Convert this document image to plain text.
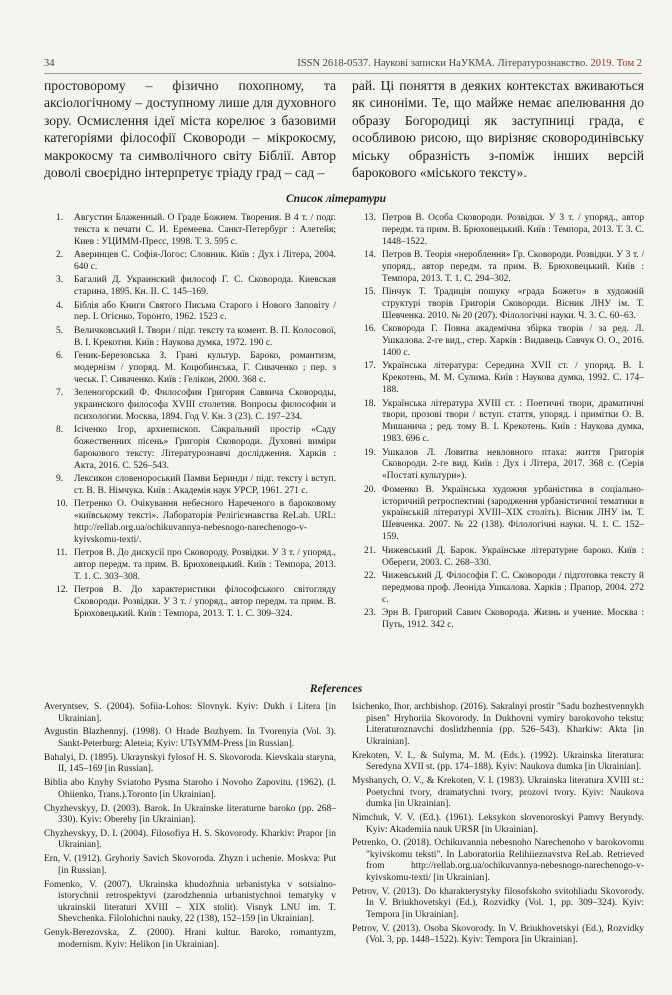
34	ISSN 2618-0537. Наукові записки НаУКМА. Літературознавство. 2019. Том 2
простоворому – фізично похопному, та аксіологічному – доступному лише для духовного зору. Осмислення ідеї міста корелює з базовими категоріями філософії Сковороди – мікрокосму, макрокосму та символічного світу Біблії. Автор доволі своєрідно інтерпретує тріаду град – сад –
рай. Ці поняття в деяких контекстах вживаються як синоніми. Те, що майже немає апелювання до образу Богородиці як заступниці града, є особливою рисою, що вирізняє сковородинівську міську образність з-поміж інших версій барокового «міського тексту».
Список літератури
1. Августин Блаженный. О Граде Божием. Творения. В 4 т. / подг. текста к печати С. И. Еремеева. Санкт-Петербург : Алетейя; Киев : УЦИММ-Пресс, 1998. Т. 3. 595 с.
2. Аверинцев С. Софія-Логос: Словник. Київ : Дух і Літера, 2004. 640 с.
3. Багалий Д. Украинский философ Г. С. Сковорода. Киевская старина, 1895. Кн. II. С. 145–169.
4. Біблія або Книги Святого Письма Старого і Нового Заповіту / пер. І. Огієнко. Торонто, 1962. 1523 с.
5. Величковський І. Твори / підг. тексту та комент. В. П. Колосової, В. І. Крекотня. Київ : Наукова думка, 1972. 190 с.
6. Геник-Березовська З. Грані культур. Бароко, романтизм, модернізм / упоряд. М. Коцюбинська, Г. Сиваченко ; пер. з чеськ. Г. Сиваченко. Київ : Гелікон, 2000. 368 с.
7. Зеленогорский Ф. Философия Григория Саввича Сковороды, украинского философа XVIII столетия. Вопросы философии и психологии. Москва, 1894. Год V. Кн. 3 (23). С. 197–234.
8. Ісіченко Ігор, архиепископ. Сакральний простір «Саду божественних пісень» Григорія Сковороди. Духовні виміри барокового тексту: Літературознавчі дослідження. Харків : Акта, 2016. С. 526–543.
9. Лексикон словенороський Памви Беринди / підг. тексту і вступ. ст. В. В. Німчука. Київ : Академія наук УРСР, 1961. 271 с.
10. Петренко О. Очікування небесного Нареченого в бароковому «київському тексті». Лабораторія Релігієзнавства ReLab. URL: http://rellab.org.ua/ochikuvannya-nebesnogo-narechenogo-v-kyivskomu-texti/.
11. Петров В. До дискусії про Сковороду. Розвідки. У 3 т. / упоряд., автор передм. та прим. В. Брюховецький. Київ : Темпора, 2013. Т. 1. С. 303–308.
12. Петров В. До характеристики філософського світогляду Сковороди. Розвідки. У 3 т. / упоряд., автор передм. та прим. В. Брюховецький. Київ : Темпора, 2013. Т. 1. С. 309–324.
13. Петров В. Особа Сковороди. Розвідки. У 3 т. / упоряд., автор передм. та прим. В. Брюховецький. Київ : Темпора, 2013. Т. 3. С. 1448–1522.
14. Петров В. Теорія «нероблення» Гр. Сковороди. Розвідки. У 3 т. / упоряд., автор передм. та прим. В. Брюховецький. Київ : Темпора, 2013. Т. 1. С. 294–302.
15. Пінчук Т. Традиція пошуку «града Божего» в художній структурі творів Григорія Сковороди. Вісник ЛНУ ім. Т. Шевченка. 2010. № 20 (207). Філологічні науки. Ч. 3. С. 60–63.
16. Сковорода Г. Повна академічна збірка творів / за ред. Л. Ушкалова. 2-ге вид., стер. Харків : Видавець Савчук О. О., 2016. 1400 с.
17. Українська література: Середина XVII ст. / упоряд. В. І. Крекотень, М. М. Сулима. Київ : Наукова думка, 1992. С. 174–188.
18. Українська література XVIII ст. : Поетичні твори, драматичні твори, прозові твори / вступ. стаття, упоряд. і примітки О. В. Мишанича ; ред. тому В. І. Крекотень. Київ : Наукова думка, 1983. 696 с.
19. Ушкалов Л. Ловитва невловного птаха: життя Григорія Сковороди. 2-ге вид. Київ : Дух і Літера, 2017. 368 с. (Серія «Постаті культури»).
20. Фоменко В. Українська художня урбаністика в соціально-історичній ретроспективі (зародження урбаністичної тематики в українській літературі XVIII–XIX століть). Вісник ЛНУ ім. Т. Шевченка. 2007. № 22 (138). Філологічні науки. Ч. 1. С. 152–159.
21. Чижевський Д. Барок. Українське літературне бароко. Київ : Обереги, 2003. С. 268–330.
22. Чижевський Д. Філософія Г. С. Сковороди / підготовка тексту й передмова проф. Леоніда Ушкалова. Харків : Прапор, 2004. 272 с.
23. Эрн В. Григорий Савич Сковорода. Жизнь и учение. Москва : Путь, 1912. 342 с.
References
Averyntsev, S. (2004). Sofiia-Lohos: Slovnyk. Kyiv: Dukh i Litera [in Ukrainian].
Avgustin Blazhennyj. (1998). O Hrade Bozhyem. In Tvorenyia (Vol. 3). Sankt-Peterburg: Aleteia; Kyiv: UTsYMM-Press [in Russian].
Bahalyi, D. (1895). Ukraynskyi fylosof H. S. Skovoroda. Kievskaia staryna, II, 145–169 [in Russian].
Biblia abo Knyhy Sviatoho Pysma Staroho i Novoho Zapovitu. (1962). (I. Ohiienko, Trans.).Toronto [in Ukrainian].
Chyzhevskyy, D. (2003). Barok. In Ukrainske literaturne baroko (pp. 268–330). Kyiv: Oberehy [in Ukrainian].
Chyzhevskyy, D. I. (2004). Filosofiya H. S. Skovorody. Kharkiv: Prapor [in Ukrainian].
Ern, V. (1912). Gryhoriy Savich Skovoroda. Zhyzn i uchenie. Moskva: Put [in Russian].
Fomenko, V. (2007). Ukrainska khudozhnia urbanistyka v sotsialno-istorychnii retrospektyvi (zarodzhennia urbanistychnoi tematyky v ukrainskii literaturi XVIII – XIX stolit). Visnyk LNU im. T. Shevchenka. Filolohichni nauky, 22 (138), 152–159 [in Ukrainian].
Genyk-Berezovska, Z. (2000). Hrani kultur. Baroko, romantyzm, modernism. Kyiv: Helikon [in Ukrainian].
Isichenko, Ihor, archbishop. (2016). Sakralnyi prostir "Sadu bozhestvennykh pisen" Hryhoriia Skovorody. In Dukhovni vymiry barokovoho tekstu: Literaturoznavchi doslidzhennia (pp. 526–543). Kharkiw: Akta [in Ukrainian].
Krekoten, V. I., & Sulyma, M. M. (Eds.). (1992). Ukrainska literatura: Seredyna XVII st. (pp. 174–188). Kyiv: Naukova dumka [in Ukrainian].
Myshanych, O. V., & Krekoten, V. I. (1983). Ukrainska literatura XVIII st.: Poetychni tvory, dramatychni tvory, prozovi tvory. Kyiv: Naukova dumka [in Ukrainian].
Nimchuk, V. V. (Ed.). (1961). Leksykon slovenoroskyi Pamvy Beryndy. Kyiv: Akademiia nauk URSR [in Ukrainian].
Petrenko, O. (2018). Ochikuvannia nebesnoho Narechenoho v barokovomu "kyivskomu teksti". In Laboratoriia Relihiieznavstva ReLab. Retrieved from http://rellab.org.ua/ochikuvannya-nebesnogo-narechenogo-v-kyivskomu-texti/ [in Ukrainian].
Petrov, V. (2013). Do kharakterystyky filosofskoho svitohliadu Skovorody. In V. Briukhovetskyi (Ed.), Rozvidky (Vol. 1, pp. 309–324). Kyiv: Tempora [in Ukrainian].
Petrov, V. (2013). Osoba Skovorody. In V. Briukhovetskyi (Ed.), Rozvidky (Vol. 3, pp. 1448–1522). Kyiv: Tempora [in Ukrainian].
